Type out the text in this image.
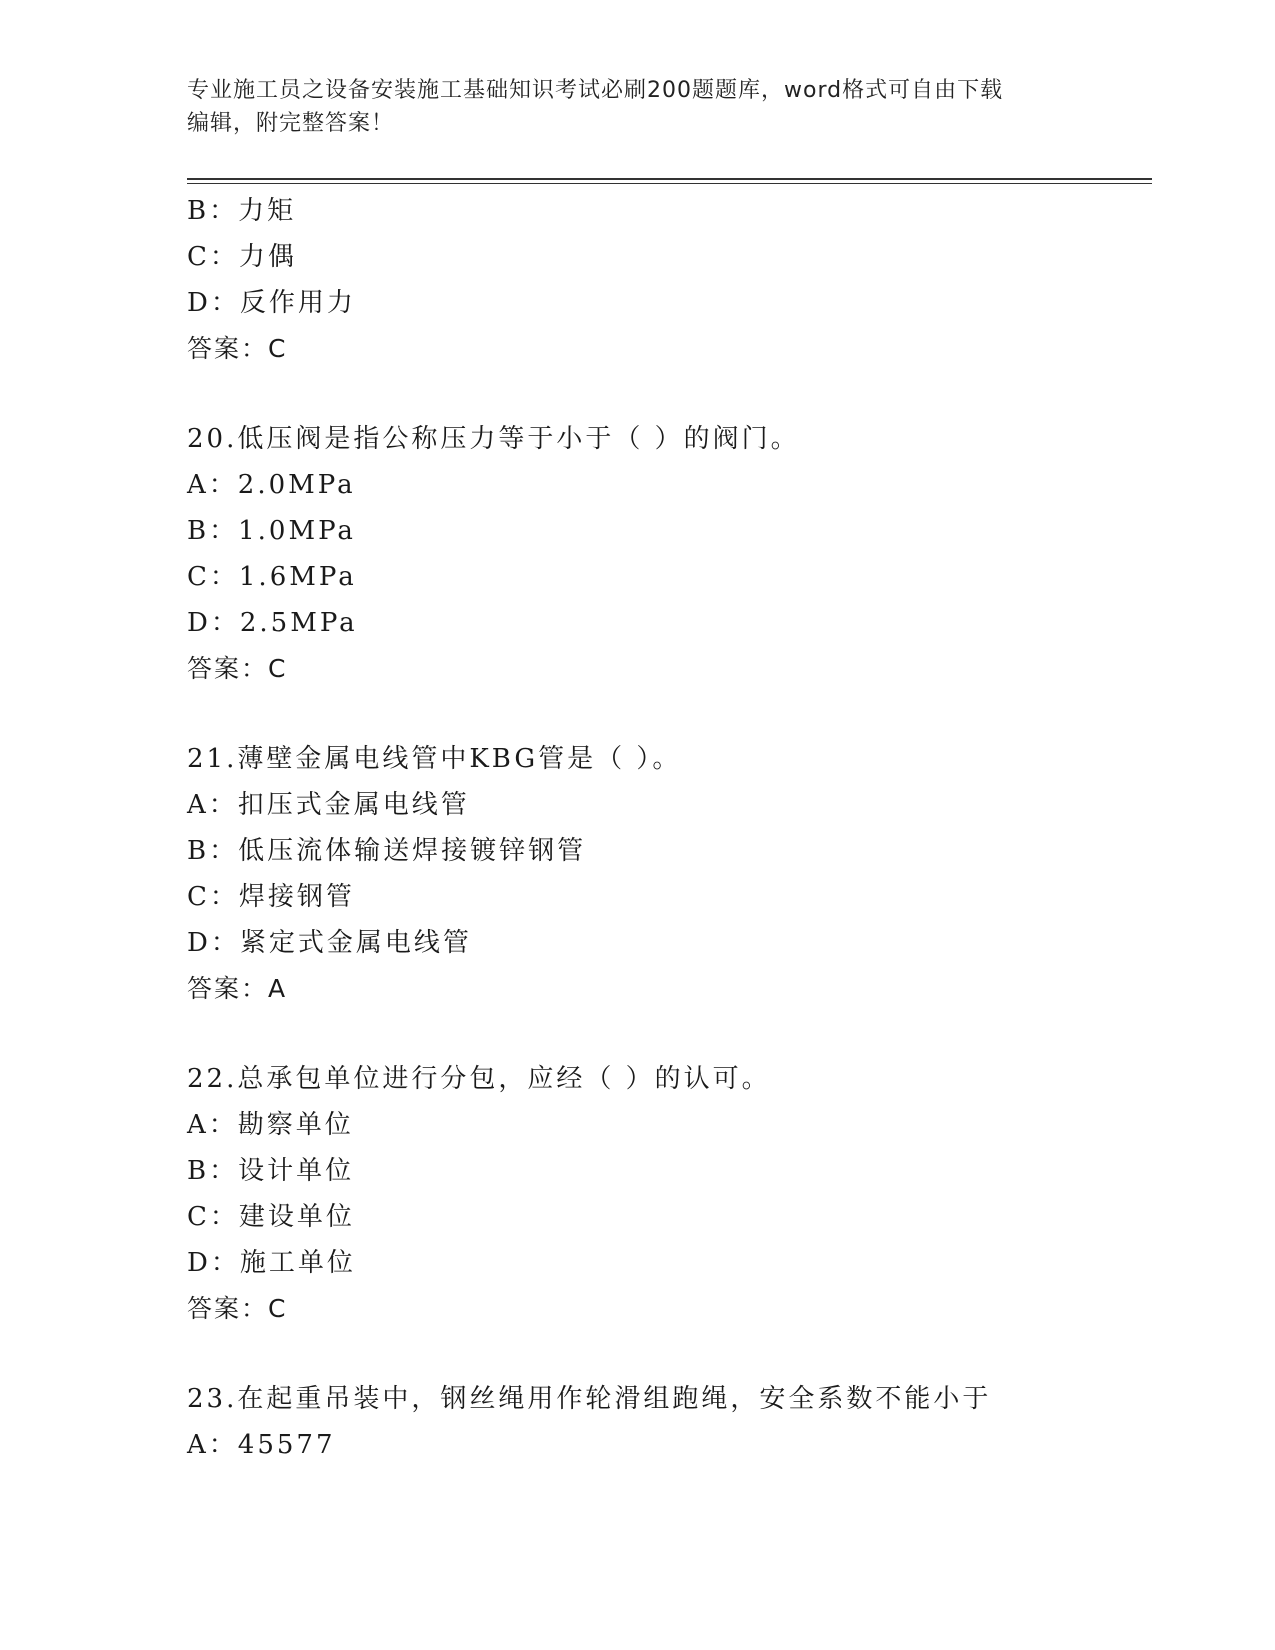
专业施工员之设备安装施工基础知识考试必刷200题题库，word格式可自由下载
编辑，附完整答案！
B：力矩
C：力偶
D：反作用力
答案：C
20.低压阀是指公称压力等于小于（ ）的阀门。
A：2.0MPa
B：1.0MPa
C：1.6MPa
D：2.5MPa
答案：C
21.薄壁金属电线管中KBG管是（ ）。
A：扣压式金属电线管
B：低压流体输送焊接镀锌钢管
C：焊接钢管
D：紧定式金属电线管
答案：A
22.总承包单位进行分包，应经（ ）的认可。
A：勘察单位
B：设计单位
C：建设单位
D：施工单位
答案：C
23.在起重吊装中，钢丝绳用作轮滑组跑绳，安全系数不能小于
A：45577
